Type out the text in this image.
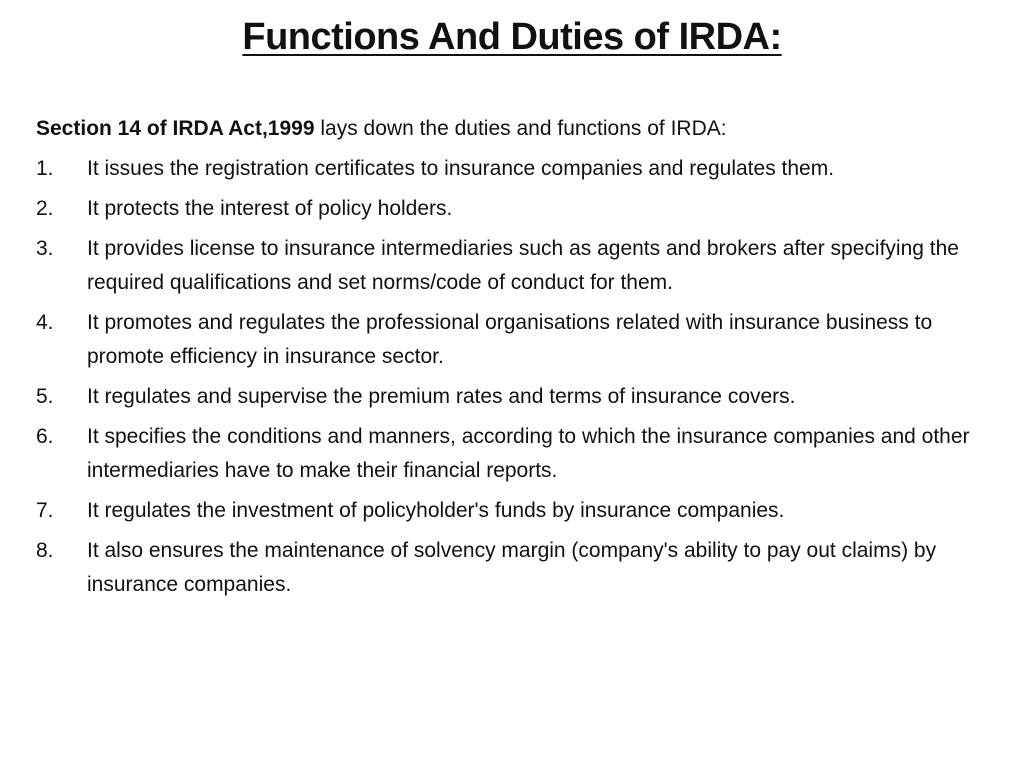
Functions And Duties of IRDA:

Section 14 of IRDA Act,1999 lays down the duties and functions of IRDA:

1.	It issues the registration certificates to insurance companies and regulates them.
2.	It protects the interest of policy holders.
3.	It provides license to insurance intermediaries such as agents and brokers after specifying the required qualifications and set norms/code of conduct for them.
4.	It promotes and regulates the professional organisations related with insurance business to promote efficiency in insurance sector.
5.	It regulates and supervise the premium rates and terms of insurance covers.
6.	It specifies the conditions and manners, according to which the insurance companies and other intermediaries have to make their financial reports.
7.	It regulates the investment of policyholder's funds by insurance companies.
8.	It also ensures the maintenance of solvency margin (company's ability to pay out claims) by insurance companies.
